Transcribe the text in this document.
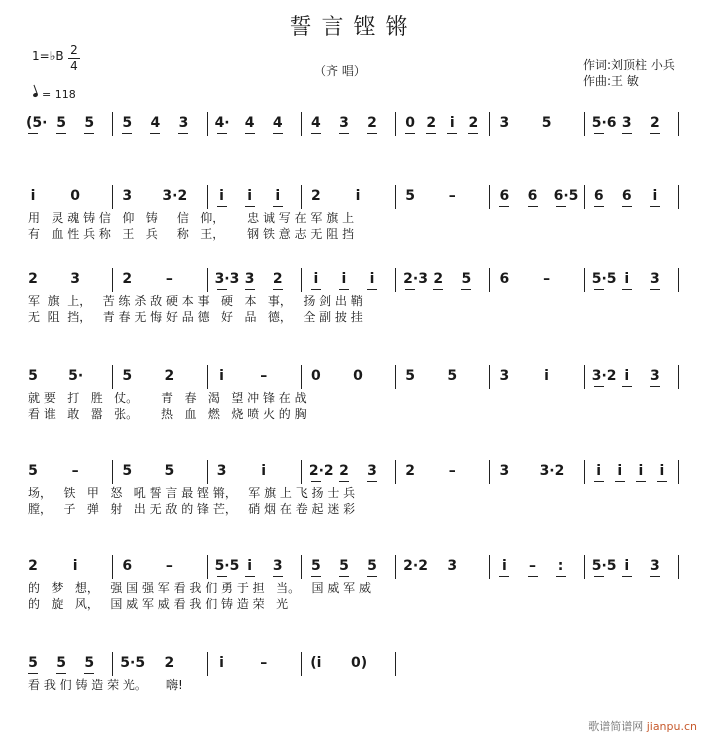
誓言铿锵
1=♭B 2
4
= 118
（齐 唱）	作词:刘顶柱 小兵
作曲:王 敏
(5· 5 5 5 4 3 4· 4 4 4 3 2 0 2 i 2 3 5	5·6 3 2
i	0	3 3·2	i	i	i	2	i	5 –	6 6 6·5 6 6	i
用   灵 魂 铸 信   仰   铸     信   仰，      忠 诚 写 在 军 旗 上
有   血 性 兵 称   王   兵     称   王，      钢 铁 意 志 无 阻 挡
2 3	2 –	3·3 3 2	i	i	i	2·3 2 5 6 –	5·5 i	3
军  旗  上，   苦 练 杀 敌 硬 本 事   硬   本   事，   扬 剑 出 鞘
无  阻  挡，   青 春 无 悔 好 品 德   好   品   德，   全 副 披 挂
5 5·	5 2	i	–	0 0	5 5	3	i	3·2 i	3
就 要   打   胜   仗。      青   春   渴   望 冲 锋 在 战
看 谁   敢   嚣   张。      热   血   燃   烧 喷 火 的 胸
5 –	5 5	3	i	2·2 2 3 2 –	3 3·2	i	i	i	i
场，   铁   甲   怒   吼 誓 言 最 铿 锵，   军 旗 上 飞 扬 士 兵
膛，   子   弹   射   出 无 敌 的 锋 芒，   硝 烟 在 卷 起 迷 彩
2	i	6 –	5·5 i	3 5 5 5 2·2 3	i	– :	5·5 i	3
的   梦   想，   强 国 强 军 看 我 们 勇 于 担   当。   国 威 军 威
的   旋   风，   国 威 军 威 看 我 们 铸 造 荣   光
5 5 5 5·5 2	i	–	(i 0)
看 我 们 铸 造 荣 光。     嗨!
歌谱简谱网 jianpu.cn
